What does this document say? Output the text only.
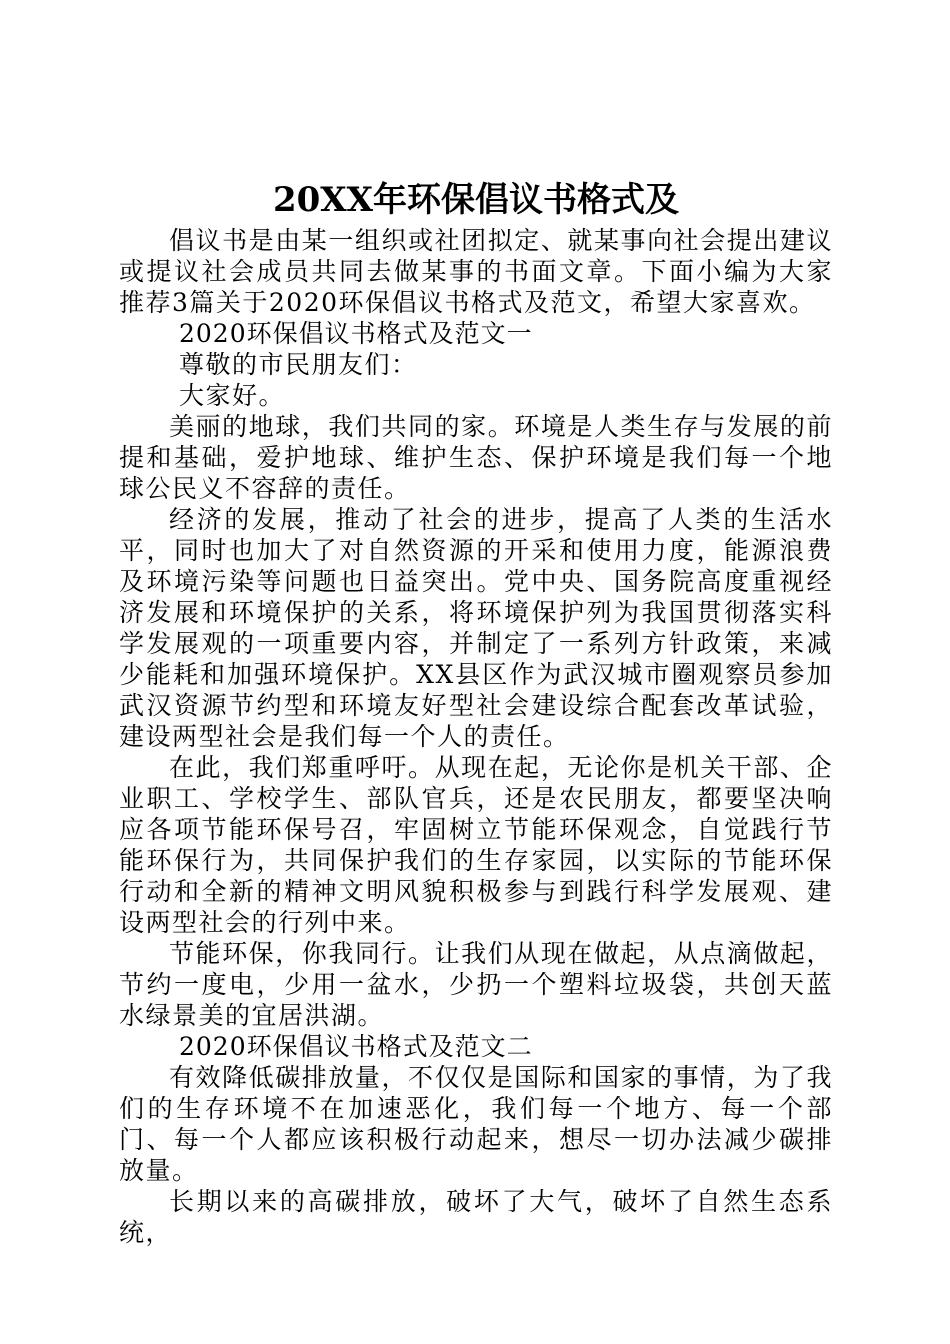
20XX年环保倡议书格式及

倡议书是由某一组织或社团拟定、就某事向社会提出建议或提议社会成员共同去做某事的书面文章。下面小编为大家推荐3篇关于2020环保倡议书格式及范文，希望大家喜欢。

2020环保倡议书格式及范文一

尊敬的市民朋友们：

大家好。

美丽的地球，我们共同的家。环境是人类生存与发展的前提和基础，爱护地球、维护生态、保护环境是我们每一个地球公民义不容辞的责任。

经济的发展，推动了社会的进步，提高了人类的生活水平，同时也加大了对自然资源的开采和使用力度，能源浪费及环境污染等问题也日益突出。党中央、国务院高度重视经济发展和环境保护的关系，将环境保护列为我国贯彻落实科学发展观的一项重要内容，并制定了一系列方针政策，来减少能耗和加强环境保护。XX县区作为武汉城市圈观察员参加武汉资源节约型和环境友好型社会建设综合配套改革试验，建设两型社会是我们每一个人的责任。

在此，我们郑重呼吁。从现在起，无论你是机关干部、企业职工、学校学生、部队官兵，还是农民朋友，都要坚决响应各项节能环保号召，牢固树立节能环保观念，自觉践行节能环保行为，共同保护我们的生存家园，以实际的节能环保行动和全新的精神文明风貌积极参与到践行科学发展观、建设两型社会的行列中来。

节能环保，你我同行。让我们从现在做起，从点滴做起，节约一度电，少用一盆水，少扔一个塑料垃圾袋，共创天蓝水绿景美的宜居洪湖。

2020环保倡议书格式及范文二

有效降低碳排放量，不仅仅是国际和国家的事情，为了我们的生存环境不在加速恶化，我们每一个地方、每一个部门、每一个人都应该积极行动起来，想尽一切办法减少碳排放量。

长期以来的高碳排放，破坏了大气，破坏了自然生态系统，
